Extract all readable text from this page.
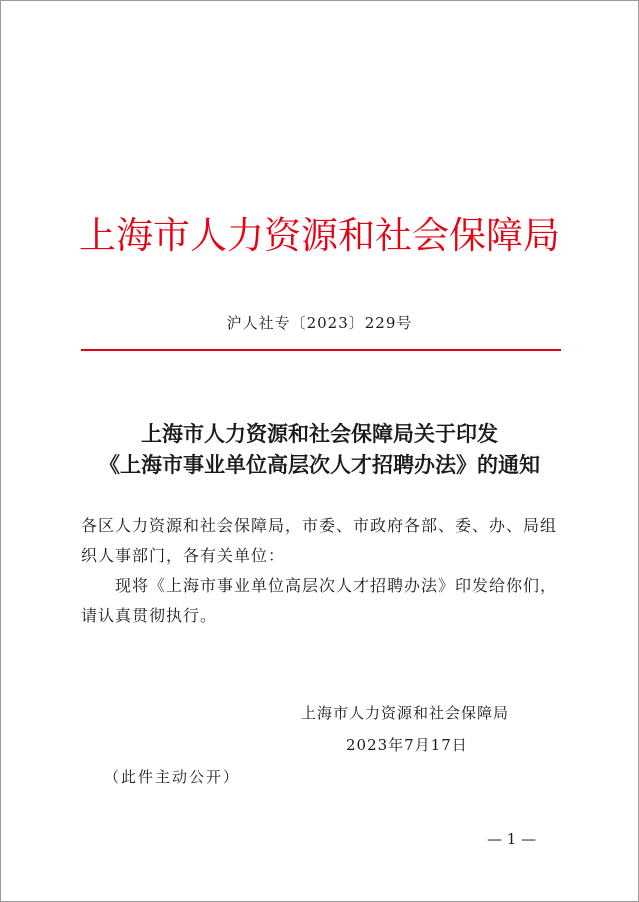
上海市人力资源和社会保障局
沪人社专〔2023〕229号
上海市人力资源和社会保障局关于印发
《上海市事业单位高层次人才招聘办法》的通知
各区人力资源和社会保障局，市委、市政府各部、委、办、局组
织人事部门，各有关单位：
现将《上海市事业单位高层次人才招聘办法》印发给你们，
请认真贯彻执行。
上海市人力资源和社会保障局
2023年7月17日
（此件主动公开）
— 1 —
